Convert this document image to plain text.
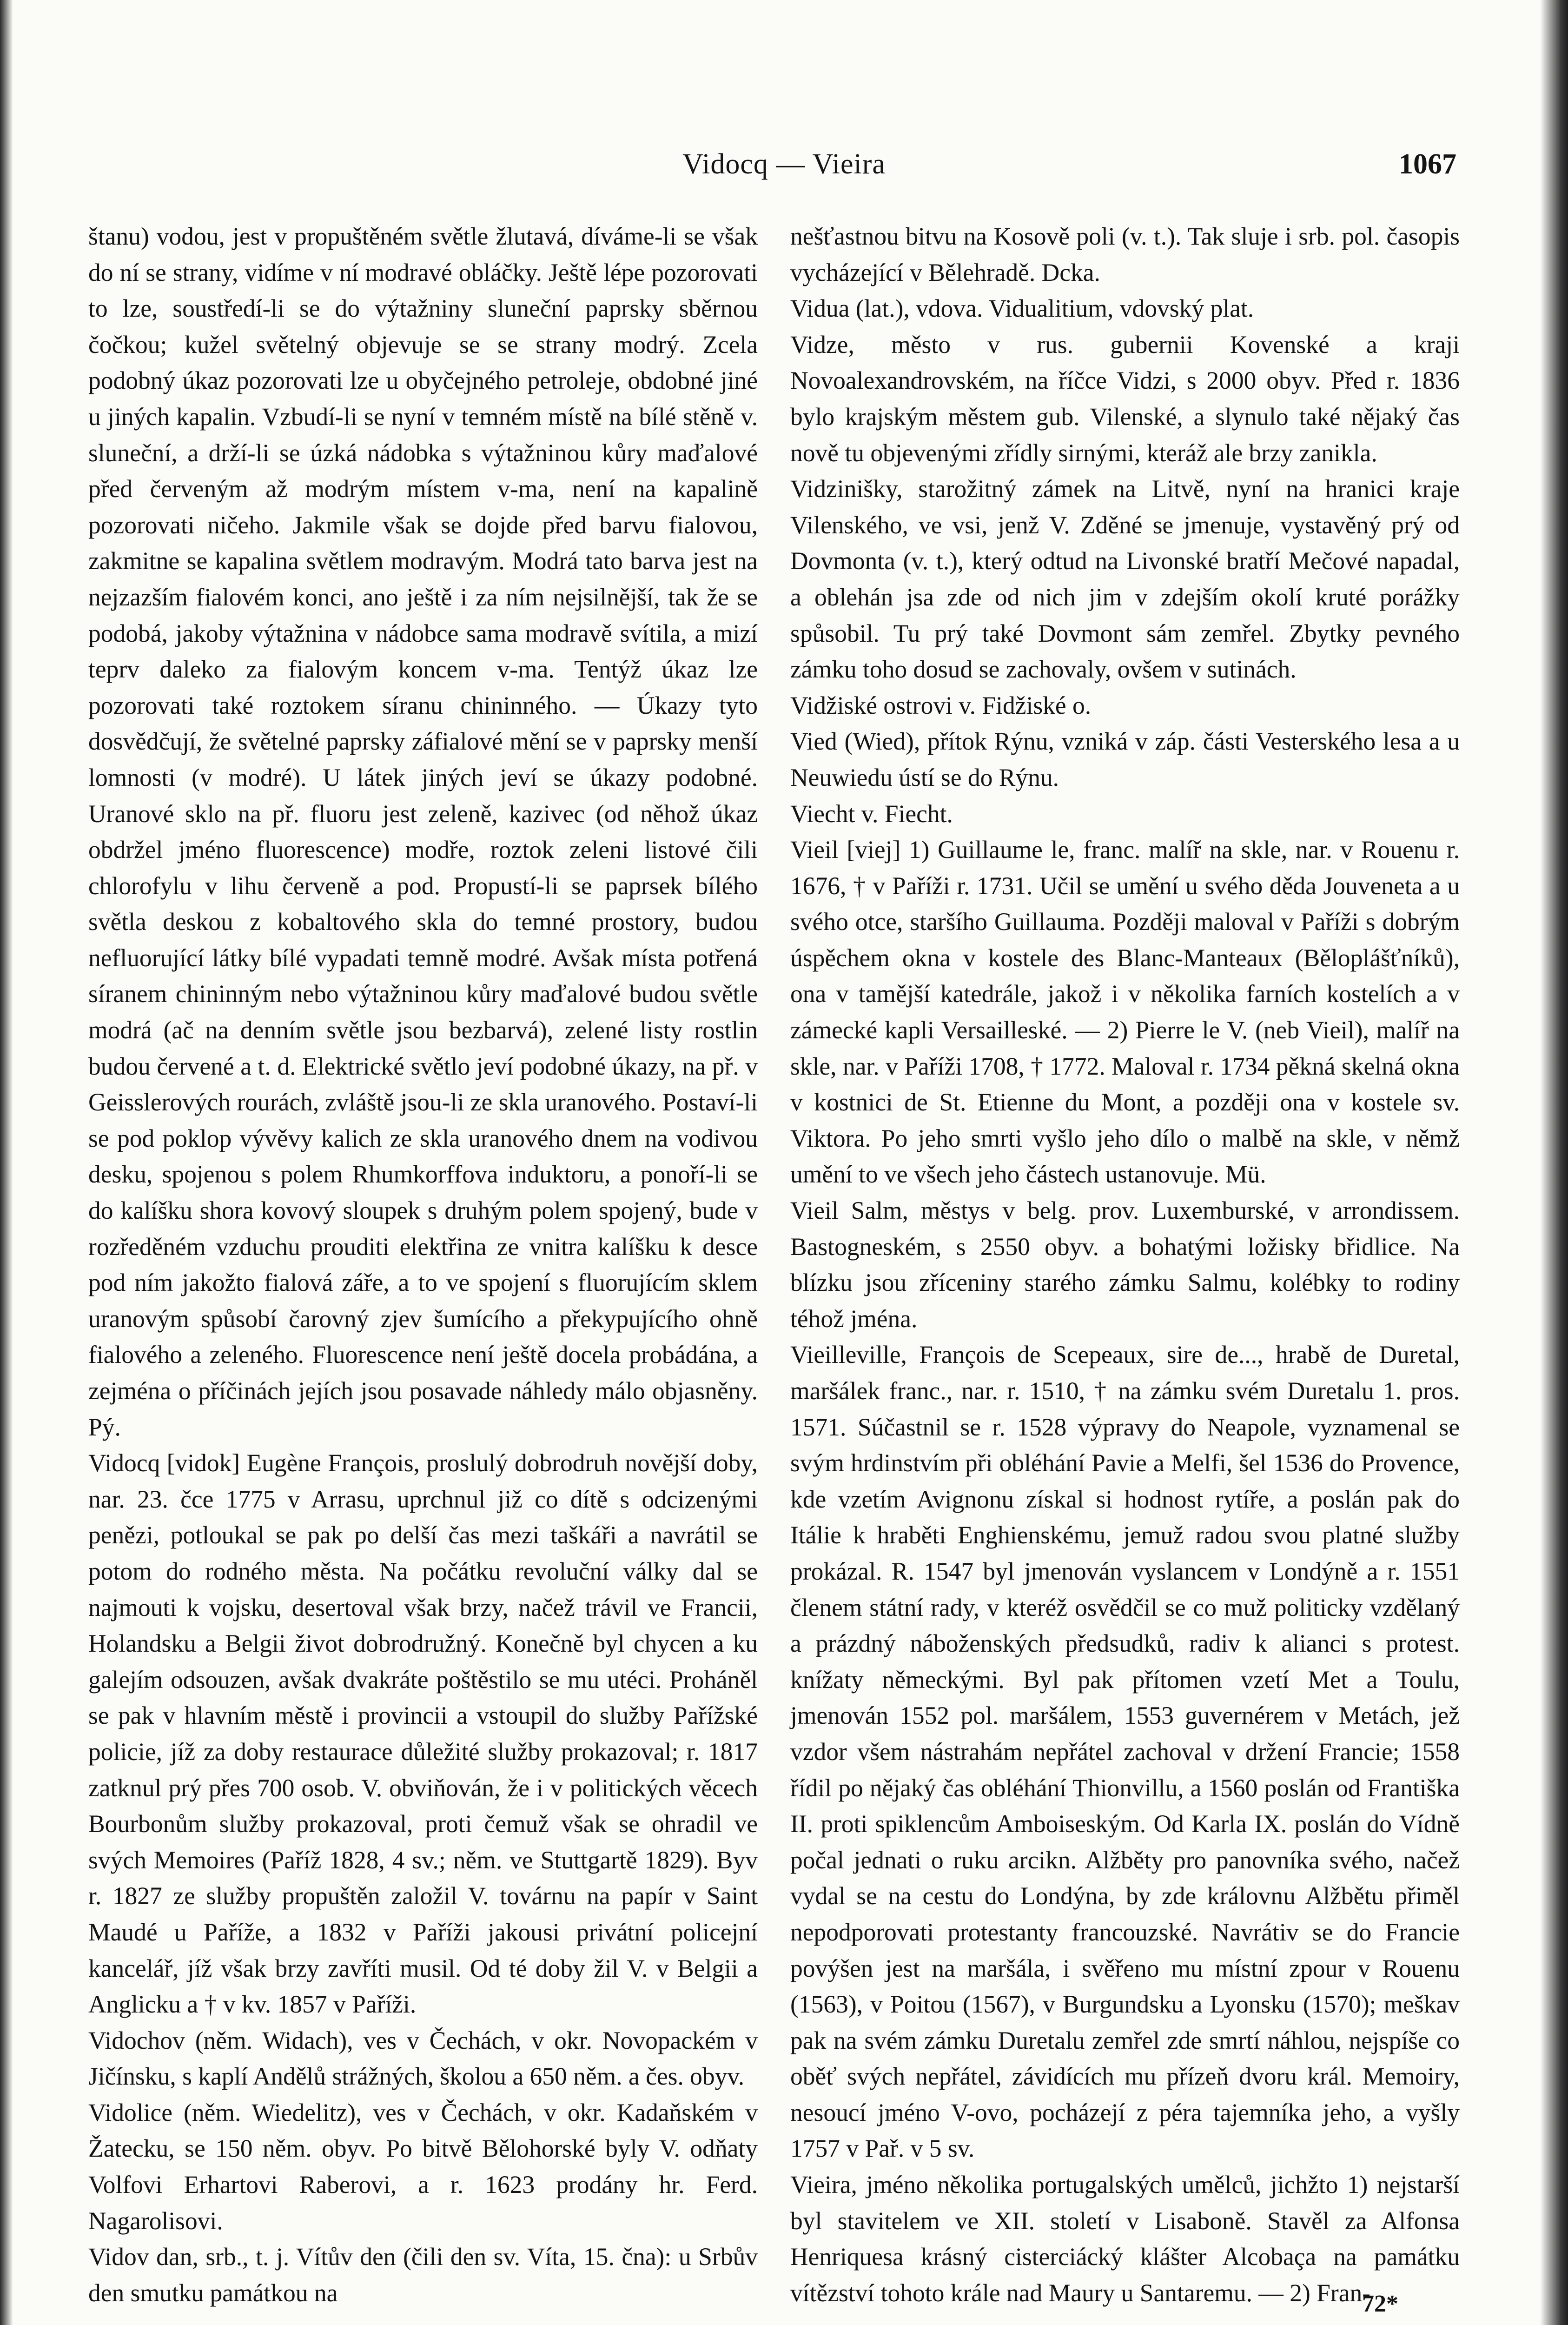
Vidocq — Vieira	1067

štanu) vodou, jest v propuštěném světle žlutavá, díváme-li se však do ní se strany, vidíme v ní modravé obláčky. Ještě lépe pozorovati to lze, soustředí-li se do výtažniny sluneční paprsky sběrnou čočkou; kužel světelný objevuje se se strany modrý. Zcela podobný úkaz pozorovati lze u obyčejného petroleje, obdobné jiné u jiných kapalin. Vzbudí-li se nyní v temném místě na bílé stěně v. sluneční, a drží-li se úzká nádobka s výtažninou kůry maďalové před červeným až modrým místem v-ma, není na kapalině pozorovati ničeho. Jakmile však se dojde před barvu fialovou, zakmitne se kapalina světlem modravým. Modrá tato barva jest na nejzazším fialovém konci, ano ještě i za ním nejsilnější, tak že se podobá, jakoby výtažnina v nádobce sama modravě svítila, a mizí teprv daleko za fialovým koncem v-ma. Tentýž úkaz lze pozorovati také roztokem síranu chininného. — Úkazy tyto dosvědčují, že světelné paprsky záfialové mění se v paprsky menší lomnosti (v modré). U látek jiných jeví se úkazy podobné. Uranové sklo na př. fluoru jest zeleně, kazivec (od něhož úkaz obdržel jméno fluorescence) modře, roztok zeleni listové čili chlorofylu v lihu červeně a pod. Propustí-li se paprsek bílého světla deskou z kobaltového skla do temné prostory, budou nefluorující látky bílé vypadati temně modré. Avšak místa potřená síranem chininným nebo výtažninou kůry maďalové budou světle modrá (ač na denním světle jsou bezbarvá), zelené listy rostlin budou červené a t. d. Elektrické světlo jeví podobné úkazy, na př. v Geisslerových rourách, zvláště jsou-li ze skla uranového. Postaví-li se pod poklop vývěvy kalich ze skla uranového dnem na vodivou desku, spojenou s polem Rhumkorffova induktoru, a ponoří-li se do kalíšku shora kovový sloupek s druhým polem spojený, bude v rozředěném vzduchu prouditi elektřina ze vnitra kalíšku k desce pod ním jakožto fialová záře, a to ve spojení s fluorujícím sklem uranovým spůsobí čarovný zjev šumícího a překypujícího ohně fialového a zeleného. Fluorescence není ještě docela probádána, a zejména o příčinách jejích jsou posavade náhledy málo objasněny. Pý.

Vidocq [vidok] Eugène François, proslulý dobrodruh novější doby, nar. 23. čce 1775 v Arrasu, uprchnul již co dítě s odcizenými penězi, potloukal se pak po delší čas mezi taškáři a navrátil se potom do rodného města. Na počátku revoluční války dal se najmouti k vojsku, desertoval však brzy, načež trávil ve Francii, Holandsku a Belgii život dobrodružný. Konečně byl chycen a ku galejím odsouzen, avšak dvakráte poštěstilo se mu utéci. Proháněl se pak v hlavním městě i provincii a vstoupil do služby Pařížské policie, jíž za doby restaurace důležité služby prokazoval; r. 1817 zatknul prý přes 700 osob. V. obviňován, že i v politických věcech Bourbonům služby prokazoval, proti čemuž však se ohradil ve svých Memoires (Paříž 1828, 4 sv.; něm. ve Stuttgartě 1829). Byv r. 1827 ze služby propuštěn založil V. továrnu na papír v Saint Maudé u Paříže, a 1832 v Paříži jakousi privátní policejní kancelář, jíž však brzy zavříti musil. Od té doby žil V. v Belgii a Anglicku a † v kv. 1857 v Paříži.

Vidochov (něm. Widach), ves v Čechách, v okr. Novopackém v Jičínsku, s kaplí Andělů strážných, školou a 650 něm. a čes. obyv.

Vidolice (něm. Wiedelitz), ves v Čechách, v okr. Kadaňském v Žatecku, se 150 něm. obyv. Po bitvě Bělohorské byly V. odňaty Volfovi Erhartovi Raberovi, a r. 1623 prodány hr. Ferd. Nagarolisovi.

Vidov dan, srb., t. j. Vítův den (čili den sv. Víta, 15. čna): u Srbův den smutku památkou na

nešťastnou bitvu na Kosově poli (v. t.). Tak sluje i srb. pol. časopis vycházející v Bělehradě. Dcka.

Vidua (lat.), vdova. Vidualitium, vdovský plat.

Vidze, město v rus. gubernii Kovenské a kraji Novoalexandrovském, na říčce Vidzi, s 2000 obyv. Před r. 1836 bylo krajským městem gub. Vilenské, a slynulo také nějaký čas nově tu objevenými zřídly sirnými, kteráž ale brzy zanikla.

Vidzinišky, starožitný zámek na Litvě, nyní na hranici kraje Vilenského, ve vsi, jenž V. Zděné se jmenuje, vystavěný prý od Dovmonta (v. t.), který odtud na Livonské bratří Mečové napadal, a oblehán jsa zde od nich jim v zdejším okolí kruté porážky spůsobil. Tu prý také Dovmont sám zemřel. Zbytky pevného zámku toho dosud se zachovaly, ovšem v sutinách.

Vidžiské ostrovi v. Fidžiské o.

Vied (Wied), přítok Rýnu, vzniká v záp. části Vesterského lesa a u Neuwiedu ústí se do Rýnu.

Viecht v. Fiecht.

Vieil [viej] 1) Guillaume le, franc. malíř na skle, nar. v Rouenu r. 1676, † v Paříži r. 1731. Učil se umění u svého děda Jouveneta a u svého otce, staršího Guillauma. Později maloval v Paříži s dobrým úspěchem okna v kostele des Blanc-Manteaux (Běloplášťníků), ona v tamější katedrále, jakož i v několika farních kostelích a v zámecké kapli Versailleské. — 2) Pierre le V. (neb Vieil), malíř na skle, nar. v Paříži 1708, † 1772. Maloval r. 1734 pěkná skelná okna v kostnici de St. Etienne du Mont, a později ona v kostele sv. Viktora. Po jeho smrti vyšlo jeho dílo o malbě na skle, v němž umění to ve všech jeho částech ustanovuje. Mü.

Vieil Salm, městys v belg. prov. Luxemburské, v arrondissem. Bastogneském, s 2550 obyv. a bohatými ložisky břidlice. Na blízku jsou zříceniny starého zámku Salmu, kolébky to rodiny téhož jména.

Vieilleville, François de Scepeaux, sire de..., hrabě de Duretal, maršálek franc., nar. r. 1510, † na zámku svém Duretalu 1. pros. 1571. Súčastnil se r. 1528 výpravy do Neapole, vyznamenal se svým hrdinstvím při obléhání Pavie a Melfi, šel 1536 do Provence, kde vzetím Avignonu získal si hodnost rytíře, a poslán pak do Itálie k hraběti Enghienskému, jemuž radou svou platné služby prokázal. R. 1547 byl jmenován vyslancem v Londýně a r. 1551 členem státní rady, v kteréž osvědčil se co muž politicky vzdělaný a prázdný náboženských předsudků, radiv k alianci s protest. knížaty německými. Byl pak přítomen vzetí Met a Toulu, jmenován 1552 pol. maršálem, 1553 guvernérem v Metách, jež vzdor všem nástrahám nepřátel zachoval v držení Francie; 1558 řídil po nějaký čas obléhání Thionvillu, a 1560 poslán od Františka II. proti spiklencům Amboiseským. Od Karla IX. poslán do Vídně počal jednati o ruku arcikn. Alžběty pro panovníka svého, načež vydal se na cestu do Londýna, by zde královnu Alžbětu přiměl nepodporovati protestanty francouzské. Navrátiv se do Francie povýšen jest na maršála, i svěřeno mu místní zpour v Rouenu (1563), v Poitou (1567), v Burgundsku a Lyonsku (1570); meškav pak na svém zámku Duretalu zemřel zde smrtí náhlou, nejspíše co oběť svých nepřátel, závidících mu přízeň dvoru král. Memoiry, nesoucí jméno V-ovo, pocházejí z péra tajemníka jeho, a vyšly 1757 v Pař. v 5 sv.

Vieira, jméno několika portugalských umělců, jichžto 1) nejstarší byl stavitelem ve XII. století v Lisaboně. Stavěl za Alfonsa Henriquesa krásný cisterciácký klášter Alcobaça na památku vítězství tohoto krále nad Maury u Santaremu. — 2) Fran-

72*
